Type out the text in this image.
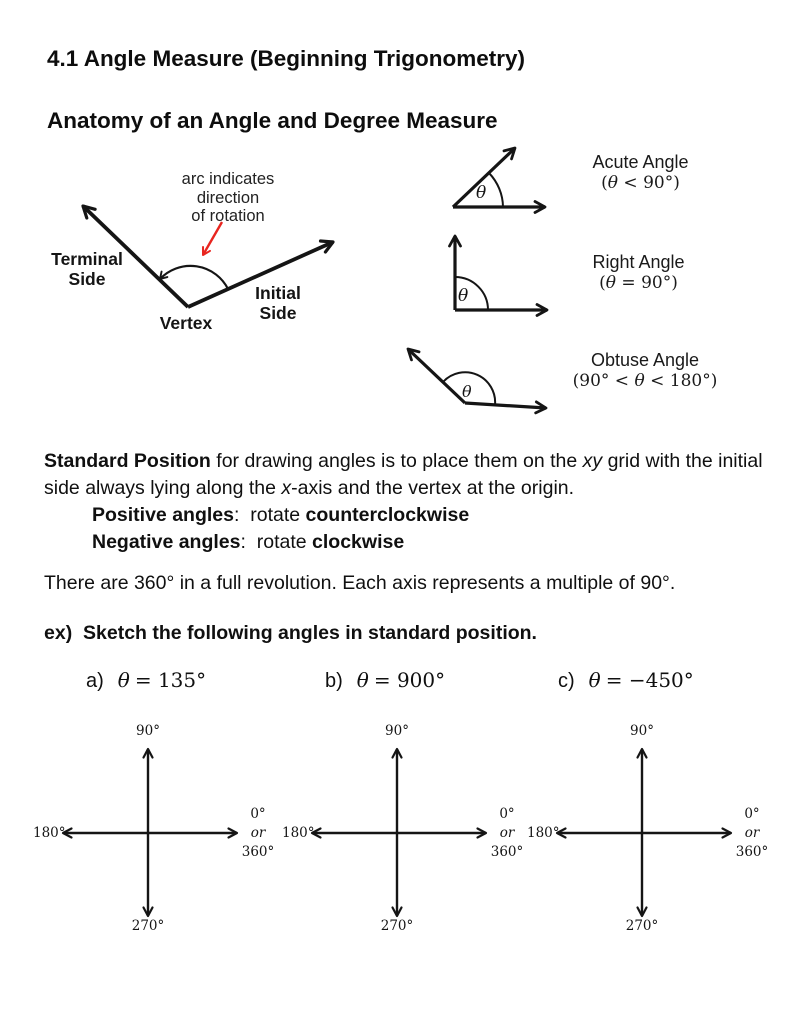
4.1 Angle Measure (Beginning Trigonometry)
Anatomy of an Angle and Degree Measure
arc indicates
direction
of rotation
Terminal
Side
Initial
Side
Vertex
θ
Acute Angle
(θ < 90°)
θ
Right Angle
(θ = 90°)
θ
Obtuse Angle
(90° < θ < 180°)
Standard Position for drawing angles is to place them on the xy grid with the initial
side always lying along the x-axis and the vertex at the origin.
Positive angles:  rotate counterclockwise
Negative angles:  rotate clockwise
There are 360° in a full revolution. Each axis represents a multiple of 90°.
ex)  Sketch the following angles in standard position.
a) θ = 135°	b) θ = 900°	c) θ = −450°
90°
270°
180°
0°
or
360°
90°
270°
180°
0°
or
360°
90°
270°
180°
0°
or
360°
